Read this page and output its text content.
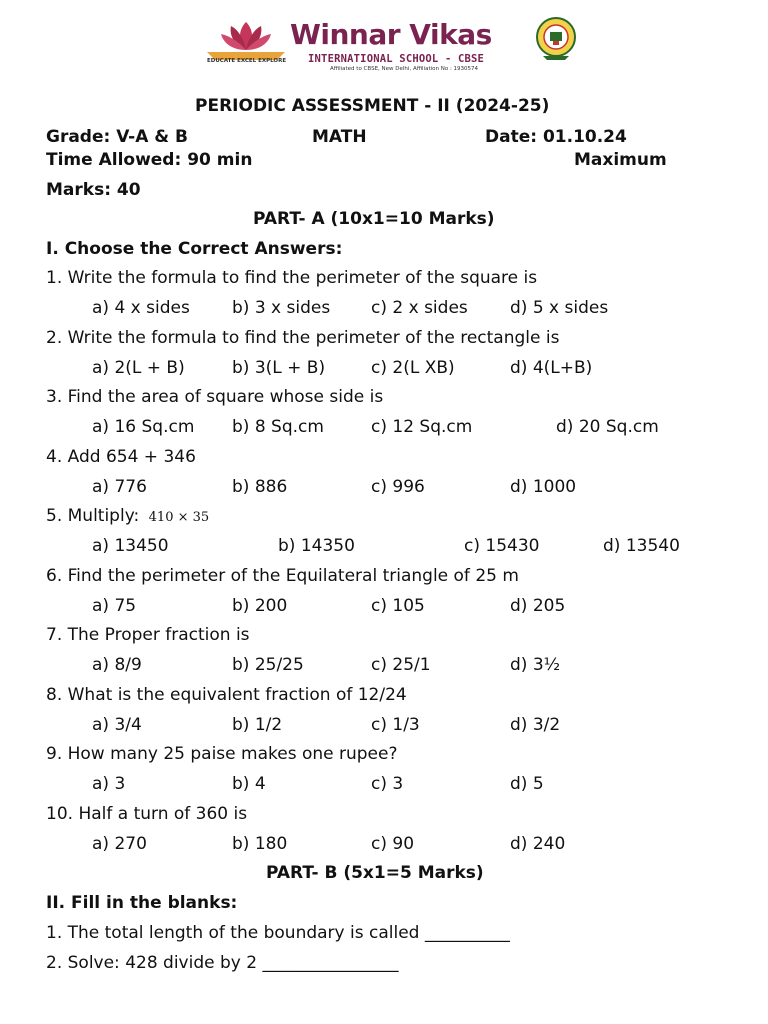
EDUCATE EXCEL EXPLORE
Winnar Vikas
INTERNATIONAL SCHOOL - CBSE
Affiliated to CBSE, New Delhi, Affiliation No : 1930574
PERIODIC ASSESSMENT - II (2024-25)
Grade: V-A & B	MATH	Date: 01.10.24
Time Allowed: 90 min	Maximum
Marks: 40
PART- A (10x1=10 Marks)
I. Choose the Correct Answers:
1. Write the formula to find the perimeter of the square is
a) 4 x sides b) 3 x sides c) 2 x sides d) 5 x sides
2. Write the formula to find the perimeter of the rectangle is
a) 2(L + B)	b) 3(L + B)	c) 2(L XB)	d) 4(L+B)
3. Find the area of square whose side is
a) 16 Sq.cm b) 8 Sq.cm	c) 12 Sq.cm	d) 20 Sq.cm
4. Add 654 + 346
a) 776	b) 886	c) 996	d) 1000
5. Multiply: 410 × 35
a) 13450	b) 14350	c) 15430	d) 13540
6. Find the perimeter of the Equilateral triangle of 25 m
a) 75	b) 200	c) 105	d) 205
7. The Proper fraction is
a) 8/9	b) 25/25	c) 25/1	d) 3½
8. What is the equivalent fraction of 12/24
a) 3/4	b) 1/2	c) 1/3	d) 3/2
9. How many 25 paise makes one rupee?
a) 3	b) 4	c) 3	d) 5
10. Half a turn of 360 is
a) 270	b) 180	c) 90	d) 240
PART- B (5x1=5 Marks)
II. Fill in the blanks:
1. The total length of the boundary is called __________
2. Solve: 428 divide by 2 ________________
